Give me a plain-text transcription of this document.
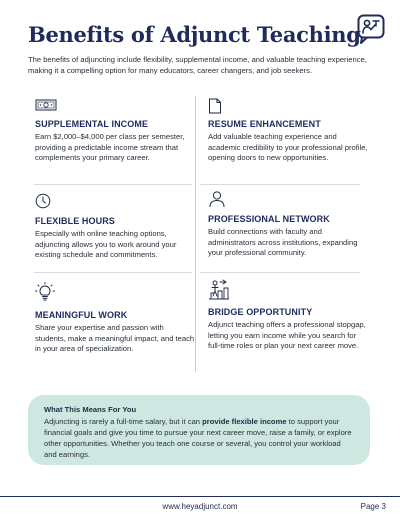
Benefits of Adjunct Teaching

The benefits of adjuncting include flexibility, supplemental income, and valuable teaching experience, making it a compelling option for many educators, career changers, and job seekers.

SUPPLEMENTAL INCOME

Earn $2,000–$4,000 per class per semester, providing a predictable income stream that complements your primary career.

RESUME ENHANCEMENT

Add valuable teaching experience and academic credibility to your professional profile, opening doors to new opportunities.

FLEXIBLE HOURS

Especially with online teaching options, adjuncting allows you to work around your existing schedule and commitments.

PROFESSIONAL NETWORK

Build connections with faculty and administrators across institutions, expanding your professional community.

MEANINGFUL WORK

Share your expertise and passion with students, make a meaningful impact, and teach in your area of specialization.

BRIDGE OPPORTUNITY

Adjunct teaching offers a professional stopgap, letting you earn income while you search for full-time roles or plan your next career move.

What This Means For You

Adjuncting is rarely a full-time salary, but it can provide flexible income to support your financial goals and give you time to pursue your next career move, raise a family, or explore other opportunities. Whether you teach one course or several, you control your workload and earnings.

www.heyadjunct.com	Page 3
